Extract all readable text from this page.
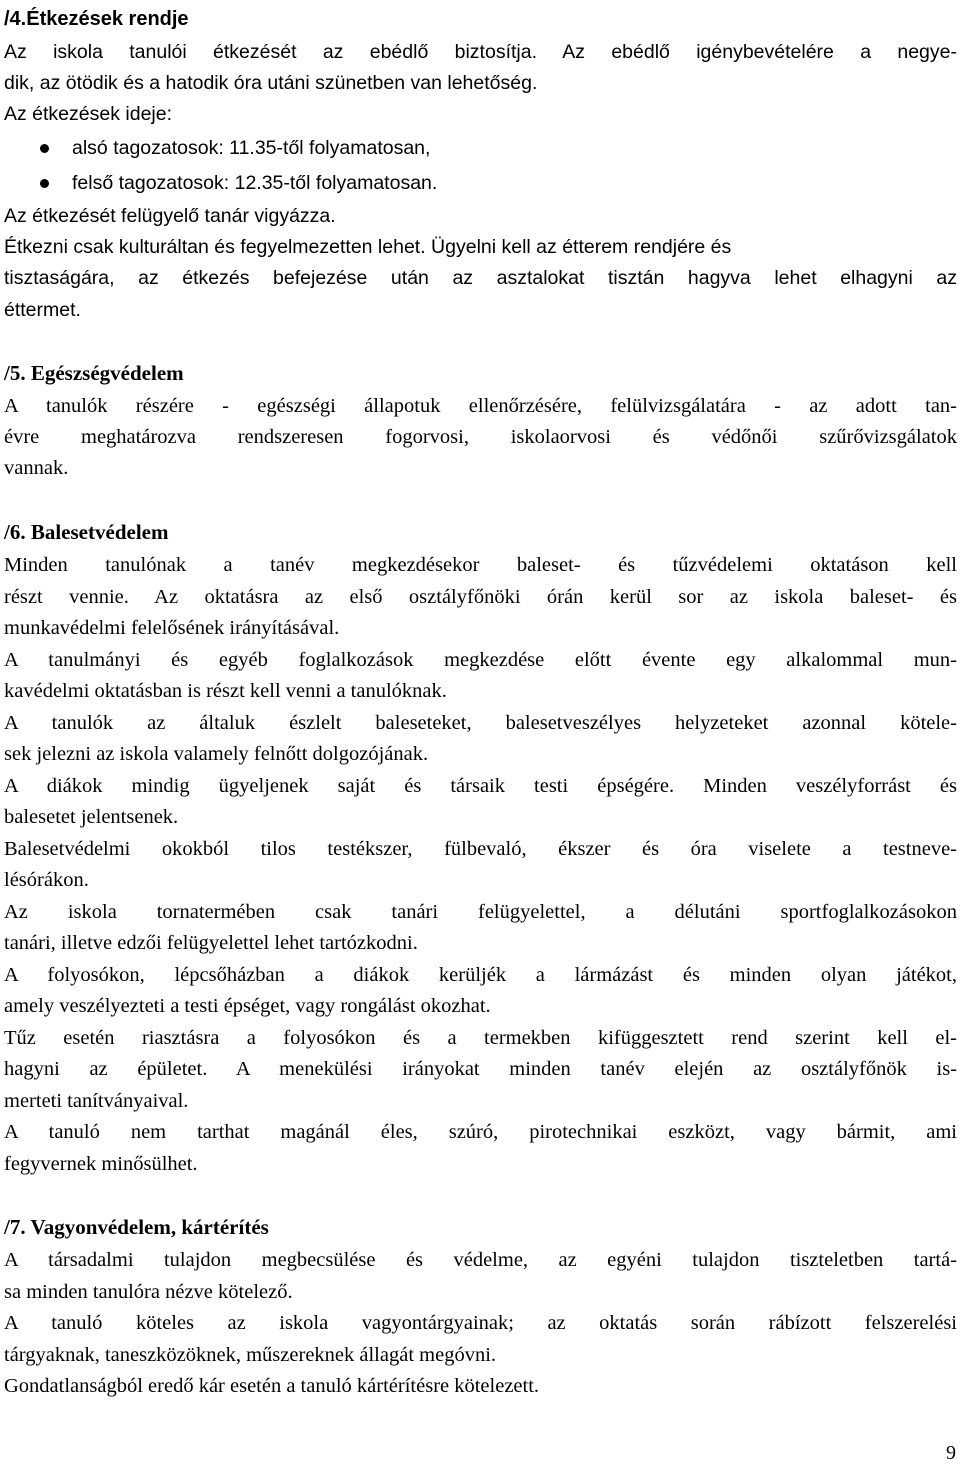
/4.Étkezések rendje
Az iskola tanulói étkezését az ebédlő biztosítja. Az ebédlő igénybevételére a negye-
dik, az ötödik és a hatodik óra utáni szünetben van lehetőség.
Az étkezések ideje:
alsó tagozatosok: 11.35-től folyamatosan,
felső tagozatosok: 12.35-től folyamatosan.
Az étkezését felügyelő tanár vigyázza.
Étkezni csak kulturáltan és fegyelmezetten lehet. Ügyelni kell az étterem rendjére és
tisztaságára, az étkezés befejezése után az asztalokat tisztán hagyva lehet elhagyni az
éttermet.
/5. Egészségvédelem
A tanulók részére - egészségi állapotuk ellenőrzésére, felülvizsgálatára - az adott tan-
évre meghatározva rendszeresen fogorvosi, iskolaorvosi és védőnői szűrővizsgálatok
vannak.
/6. Balesetvédelem
Minden tanulónak a tanév megkezdésekor baleset- és tűzvédelemi oktatáson kell
részt vennie. Az oktatásra az első osztályfőnöki órán kerül sor az iskola baleset- és
munkavédelmi felelősének irányításával.
A tanulmányi és egyéb foglalkozások megkezdése előtt évente egy alkalommal mun-
kavédelmi oktatásban is részt kell venni a tanulóknak.
A tanulók az általuk észlelt baleseteket, balesetveszélyes helyzeteket azonnal kötele-
sek jelezni az iskola valamely felnőtt dolgozójának.
A diákok mindig ügyeljenek saját és társaik testi épségére. Minden veszélyforrást és
balesetet jelentsenek.
Balesetvédelmi okokból tilos testékszer, fülbevaló, ékszer és óra viselete a testneve-
lésórákon.
Az iskola tornatermében csak tanári felügyelettel, a délutáni sportfoglalkozásokon
tanári, illetve edzői felügyelettel lehet tartózkodni.
A folyosókon, lépcsőházban a diákok kerüljék a lármázást és minden olyan játékot,
amely veszélyezteti a testi épséget, vagy rongálást okozhat.
Tűz esetén riasztásra a folyosókon és a termekben kifüggesztett rend szerint kell el-
hagyni az épületet. A menekülési irányokat minden tanév elején az osztályfőnök is-
merteti tanítványaival.
A tanuló nem tarthat magánál éles, szúró, pirotechnikai eszközt, vagy bármit, ami
fegyvernek minősülhet.
/7. Vagyonvédelem, kártérítés
A társadalmi tulajdon megbecsülése és védelme, az egyéni tulajdon tiszteletben tartá-
sa minden tanulóra nézve kötelező.
A tanuló köteles az iskola vagyontárgyainak; az oktatás során rábízott felszerelési
tárgyaknak, taneszközöknek, műszereknek állagát megóvni.
Gondatlanságból eredő kár esetén a tanuló kártérítésre kötelezett.
9
